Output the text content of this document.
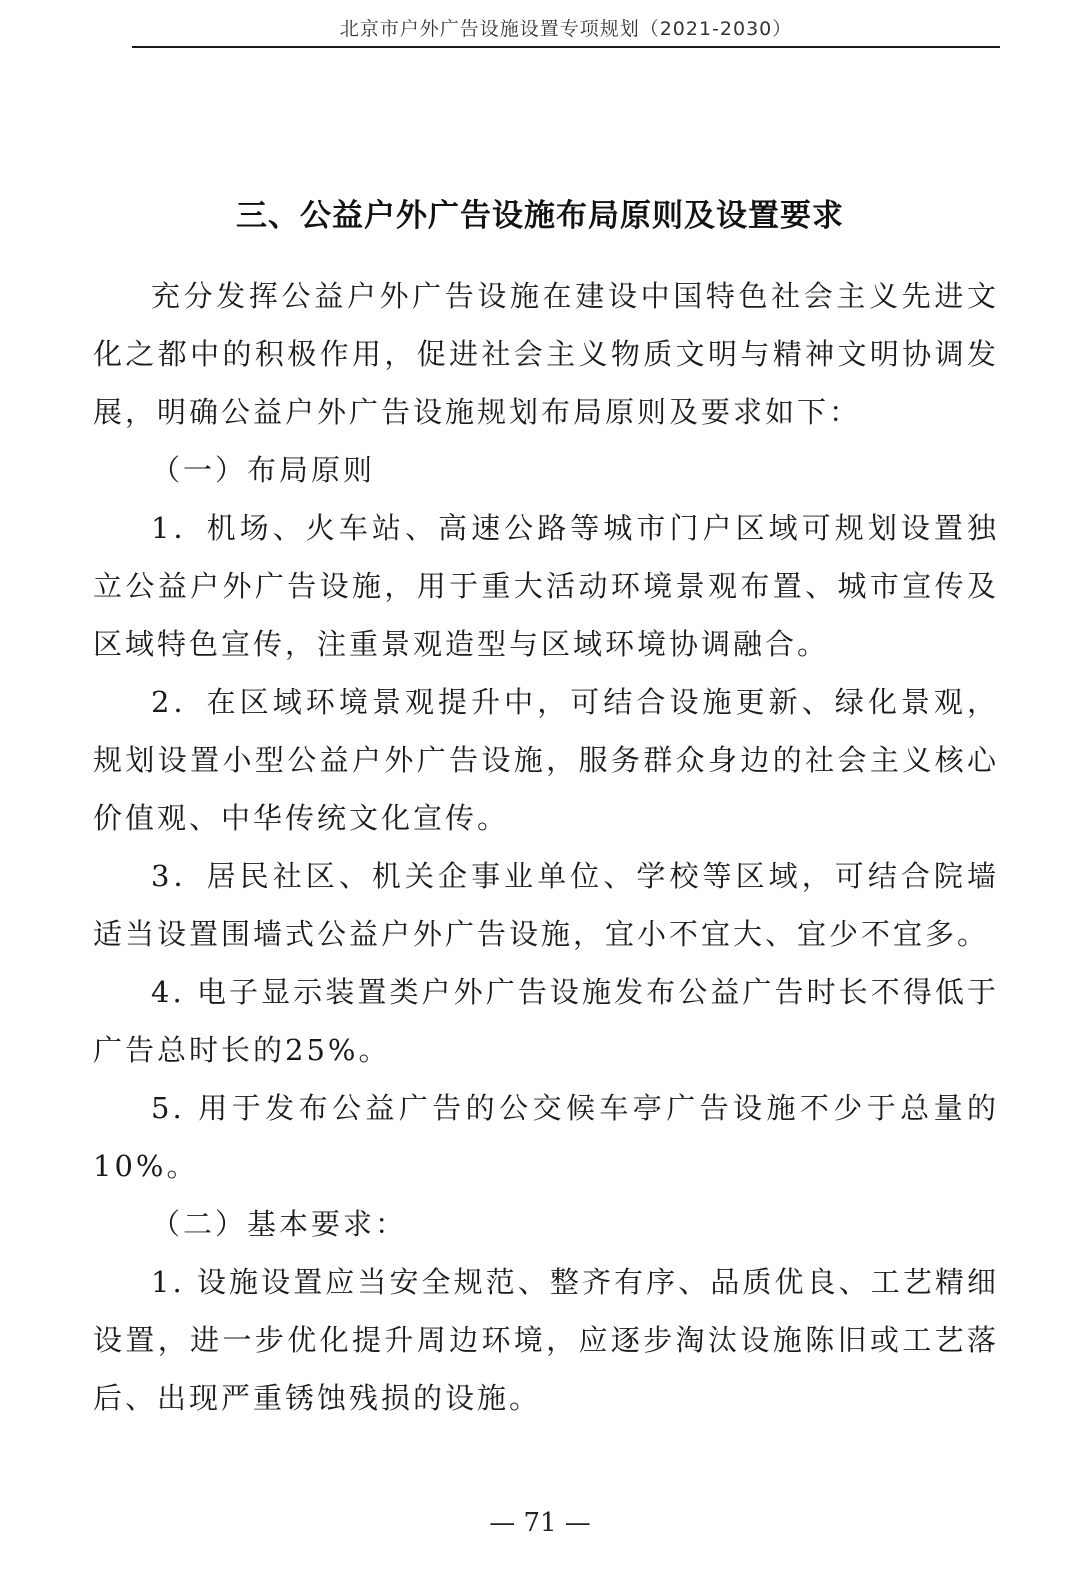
北京市户外广告设施设置专项规划（2021-2030）
三、公益户外广告设施布局原则及设置要求

充分发挥公益户外广告设施在建设中国特色社会主义先进文化之都中的积极作用，促进社会主义物质文明与精神文明协调发展，明确公益户外广告设施规划布局原则及要求如下：

（一）布局原则

1．机场、火车站、高速公路等城市门户区域可规划设置独立公益户外广告设施，用于重大活动环境景观布置、城市宣传及区域特色宣传，注重景观造型与区域环境协调融合。

2．在区域环境景观提升中，可结合设施更新、绿化景观，规划设置小型公益户外广告设施，服务群众身边的社会主义核心价值观、中华传统文化宣传。

3．居民社区、机关企事业单位、学校等区域，可结合院墙适当设置围墙式公益户外广告设施，宜小不宜大、宜少不宜多。

4. 电子显示装置类户外广告设施发布公益广告时长不得低于广告总时长的25%。

5. 用于发布公益广告的公交候车亭广告设施不少于总量的10%。

（二）基本要求：

1. 设施设置应当安全规范、整齐有序、品质优良、工艺精细设置，进一步优化提升周边环境，应逐步淘汰设施陈旧或工艺落后、出现严重锈蚀残损的设施。

— 71 —
